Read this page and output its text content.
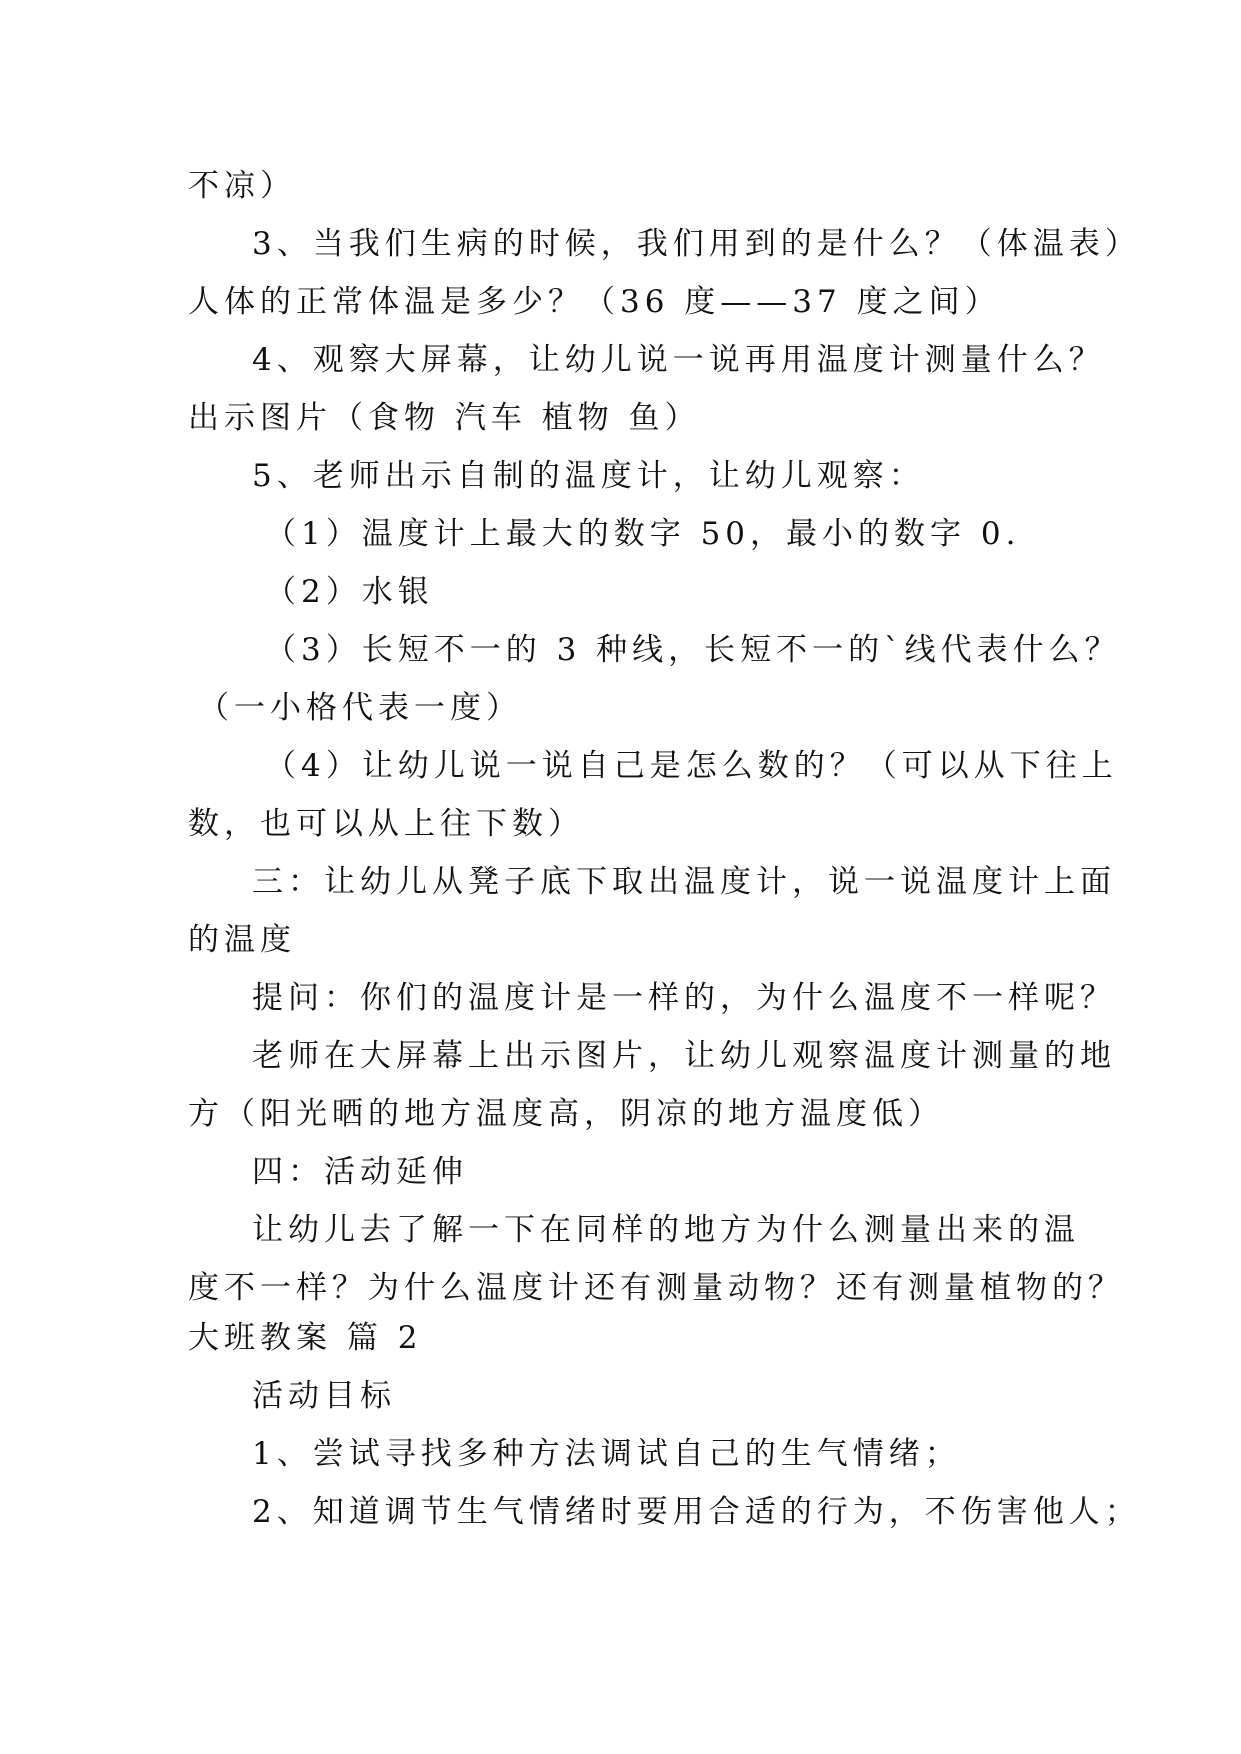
不凉）
3、当我们生病的时候，我们用到的是什么？（体温表）
人体的正常体温是多少？（36 度——37 度之间）
4、观察大屏幕，让幼儿说一说再用温度计测量什么？
出示图片（食物 汽车 植物 鱼）
5、老师出示自制的温度计，让幼儿观察：
（1）温度计上最大的数字 50，最小的数字 0.
（2）水银
（3）长短不一的 3 种线，长短不一的`线代表什么？
（一小格代表一度）
（4）让幼儿说一说自己是怎么数的？（可以从下往上
数，也可以从上往下数）
三：让幼儿从凳子底下取出温度计，说一说温度计上面
的温度
提问：你们的温度计是一样的，为什么温度不一样呢？
老师在大屏幕上出示图片，让幼儿观察温度计测量的地
方（阳光晒的地方温度高，阴凉的地方温度低）
四：活动延伸
让幼儿去了解一下在同样的地方为什么测量出来的温
度不一样？为什么温度计还有测量动物？还有测量植物的？
大班教案 篇 2
活动目标
1、尝试寻找多种方法调试自己的生气情绪；
2、知道调节生气情绪时要用合适的行为，不伤害他人；
